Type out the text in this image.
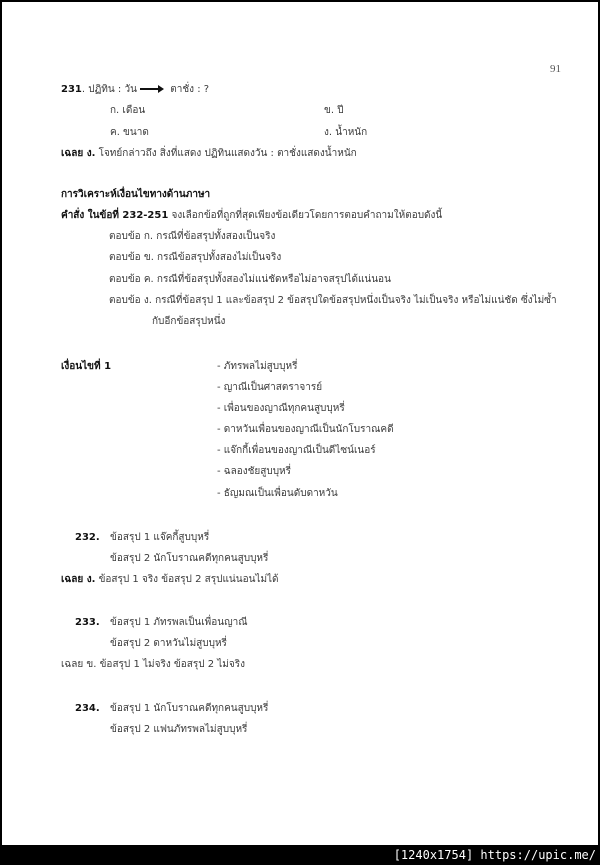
91
231. ปฏิทิน : วัน	ตาชั่ง : ?
ก. เดือน	ข. ปี
ค. ขนาด	ง. น้ำหนัก
เฉลย ง. โจทย์กล่าวถึง สิ่งที่แสดง ปฏิทินแสดงวัน : ตาชั่งแสดงน้ำหนัก
การวิเคราะห์เงื่อนไขทางด้านภาษา
คำสั่ง ในข้อที่ 232-251 จงเลือกข้อที่ถูกที่สุดเพียงข้อเดียวโดยการตอบคำถามให้ตอบดังนี้
ตอบข้อ ก. กรณีที่ข้อสรุปทั้งสองเป็นจริง
ตอบข้อ ข. กรณีข้อสรุปทั้งสองไม่เป็นจริง
ตอบข้อ ค. กรณีที่ข้อสรุปทั้งสองไม่แน่ชัดหรือไม่อาจสรุปได้แน่นอน
ตอบข้อ ง. กรณีที่ข้อสรุป 1 และข้อสรุป 2 ข้อสรุปใดข้อสรุปหนึ่งเป็นจริง ไม่เป็นจริง หรือไม่แน่ชัด ซึ่งไม่ซ้ำ
กับอีกข้อสรุปหนึ่ง
เงื่อนไขที่ 1	- ภัทรพลไม่สูบบุหรี่
- ญาณีเป็นศาสตราจารย์
- เพื่อนของญาณีทุกคนสูบบุหรี่
- ดาหวันเพื่อนของญาณีเป็นนักโบราณคดี
- แจ๊กกี้เพื่อนของญาณีเป็นดีไซน์เนอร์
- ฉลองชัยสูบบุหรี่
- ธัญมณเป็นเพื่อนดับดาหวัน
232. ข้อสรุป 1 แจ๊คกี้สูบบุหรี่
ข้อสรุป 2 นักโบราณคดีทุกคนสูบบุหรี่
เฉลย ง. ข้อสรุป 1 จริง ข้อสรุป 2 สรุปแน่นอนไม่ได้
233. ข้อสรุป 1 ภัทรพลเป็นเพื่อนญาณี
ข้อสรุป 2 ดาหวันไม่สูบบุหรี่
เฉลย ข. ข้อสรุป 1 ไม่จริง ข้อสรุป 2 ไม่จริง
234. ข้อสรุป 1 นักโบราณคดีทุกคนสูบบุหรี่
ข้อสรุป 2 แฟนภัทรพลไม่สูบบุหรี่
[1240x1754] https://upic.me/
